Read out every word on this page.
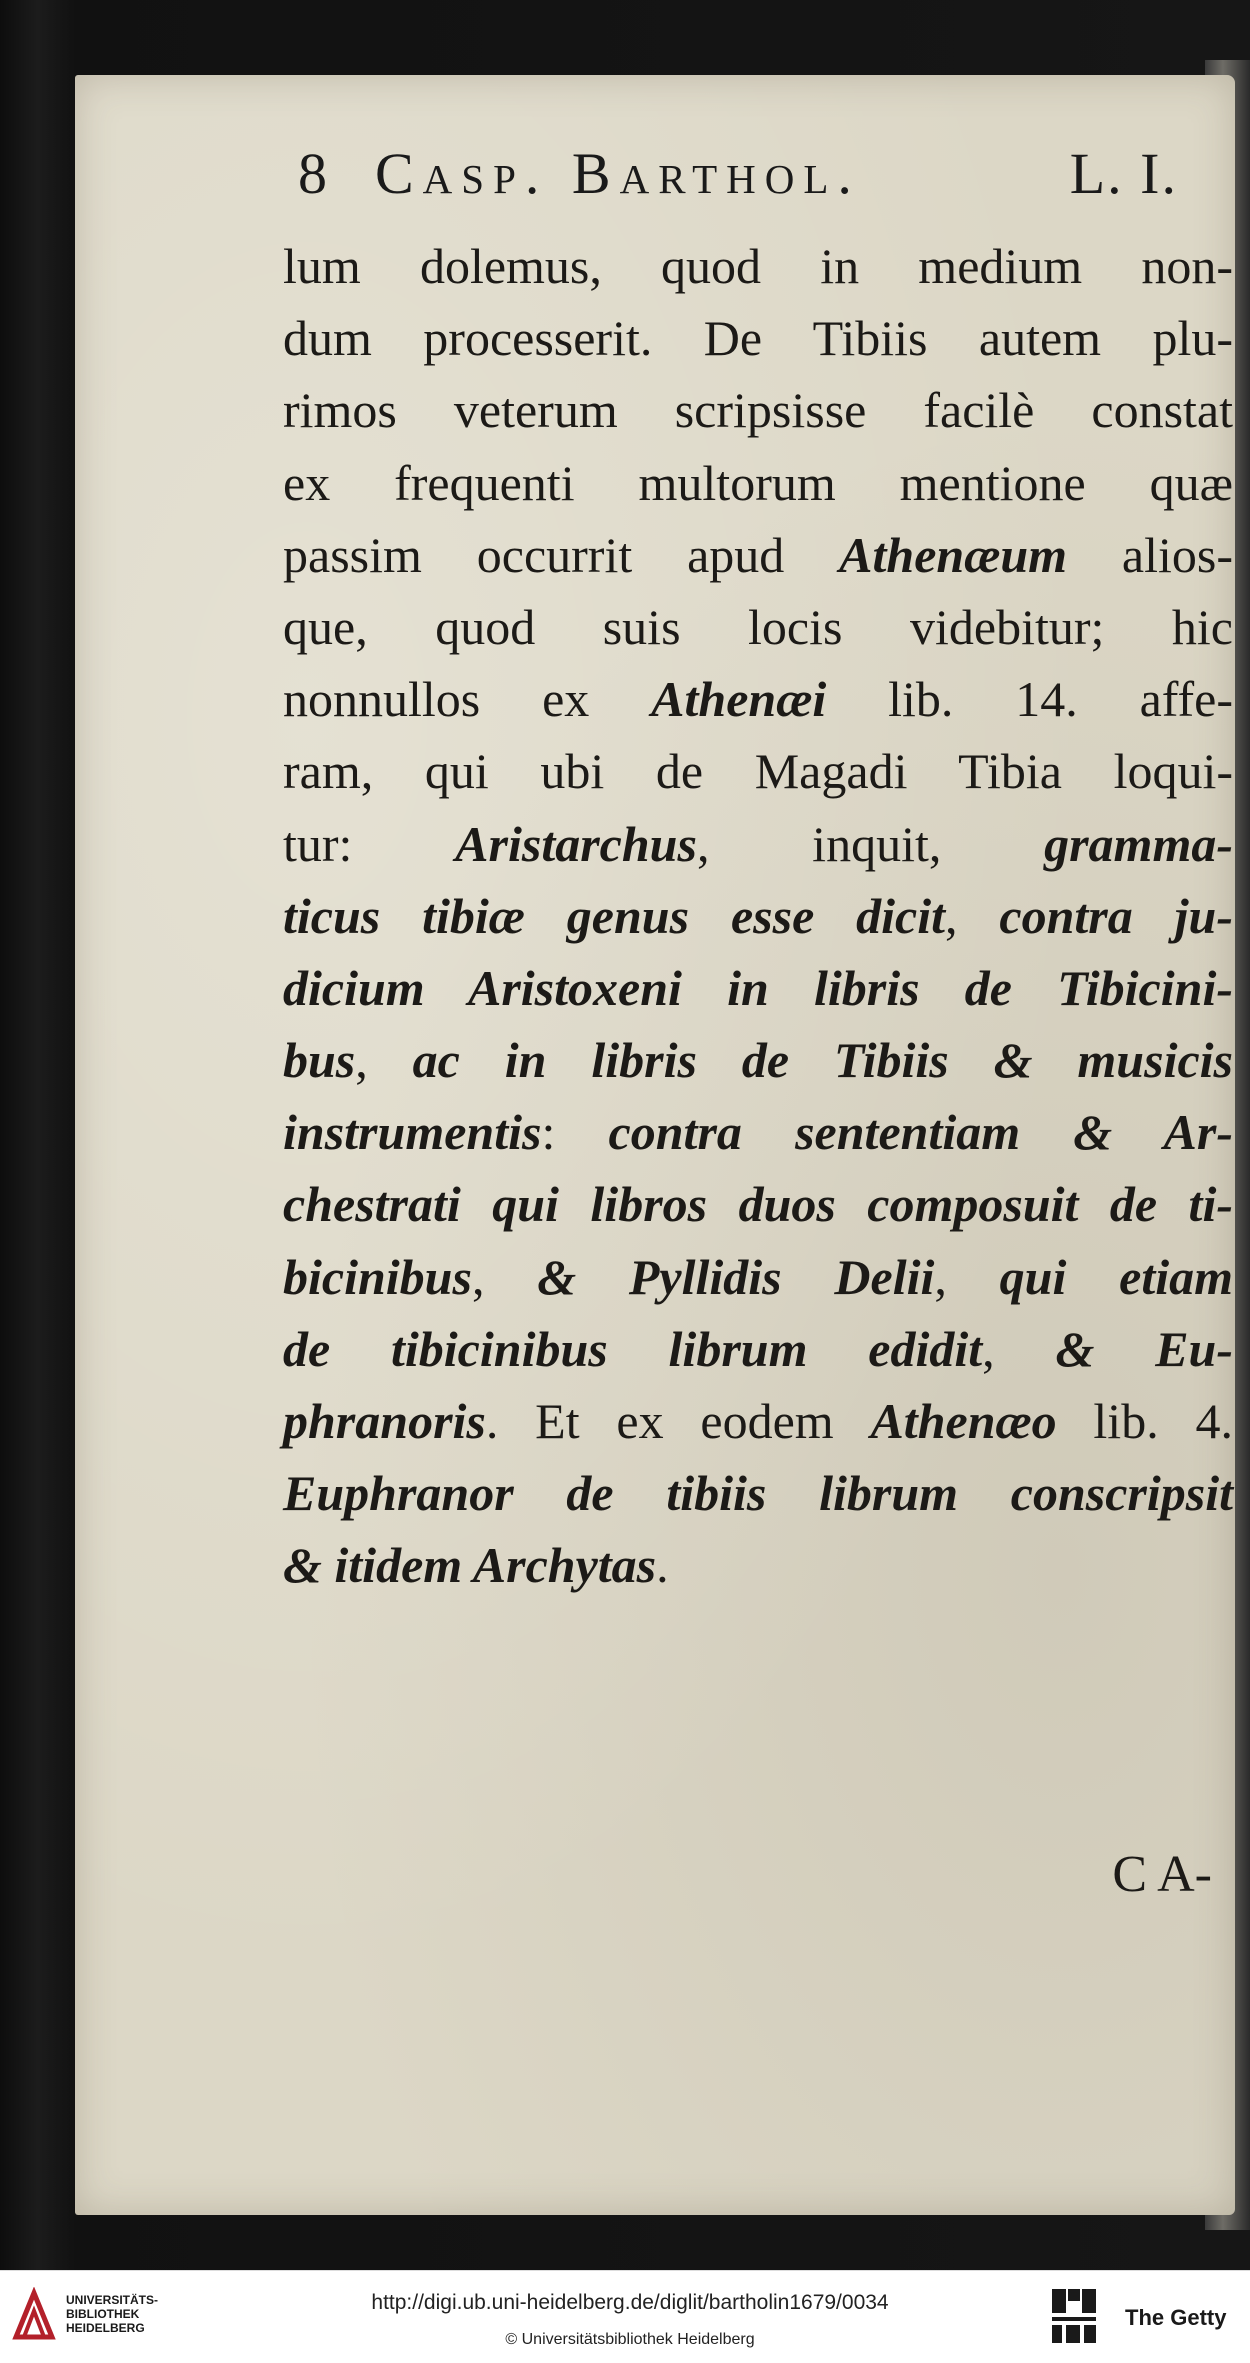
8 Casp. Barthol.	L. I.
lum dolemus, quod in medium non-
dum processerit. De Tibiis autem plu-
rimos veterum scripsisse facilè constat
ex frequenti multorum mentione quæ
passim occurrit apud Athenæum alios-
que, quod suis locis videbitur; hic
nonnullos ex Athenæi lib. 14. affe-
ram, qui ubi de Magadi Tibia loqui-
tur: Aristarchus, inquit, gramma-
ticus tibiæ genus esse dicit, contra ju-
dicium Aristoxeni in libris de Tibicini-
bus, ac in libris de Tibiis & musicis
instrumentis: contra sententiam & Ar-
chestrati qui libros duos composuit de ti-
bicinibus, & Pyllidis Delii, qui etiam
de tibicinibus librum edidit, & Eu-
phranoris. Et ex eodem Athenæo lib. 4.
Euphranor de tibiis librum conscripsit
& itidem Archytas.
C A-
UNIVERSITÄTS-
BIBLIOTHEK
HEIDELBERG
http://digi.ub.uni-heidelberg.de/diglit/bartholin1679/0034
© Universitätsbibliothek Heidelberg
The Getty
